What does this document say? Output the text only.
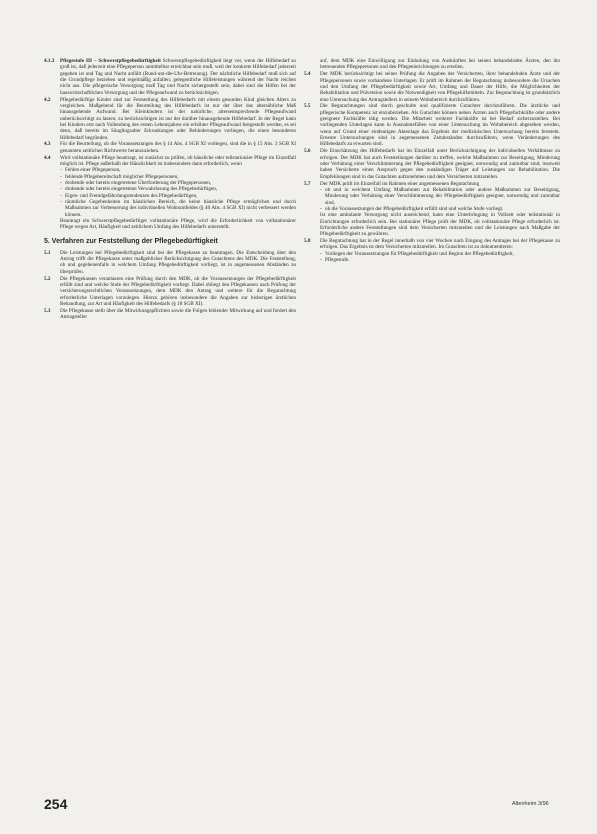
4.1.3 Pflegestufe III – Schwerstpflegebedürftigkeit Schwerstpflegebedürftigkeit liegt vor, wenn der Hilfebedarf so groß ist, daß jederzeit eine Pflegeperson unmittelbar erreichbar sein muß, weil der konkrete Hilfebedarf jederzeit gegeben ist und Tag und Nacht anfällt (Rund-um-die-Uhr-Betreuung). Der nächtliche Hilfebedarf muß sich auf die Grundpflege beziehen und regelmäßig anfallen; gelegentliche Hilfeleistungen während der Nacht reichen nicht aus. Die pflegerische Versorgung muß Tag und Nacht sichergestellt sein; dabei sind die Hilfen bei der hauswirtschaftlichen Versorgung und der Pflegeaufwand zu berücksichtigen.
4.2 Pflegebedürftige Kinder sind zur Feststellung des Hilfebedarfs mit einem gesunden Kind gleichen Alters zu vergleichen. Maßgebend für die Beurteilung des Hilfebedarfs ist nur der über das altersübliche Maß hinausgehende Aufwand. Bei Kleinkindern ist der natürliche, altersentsprechende Pflegeaufwand unberücksichtigt zu lassen; zu berücksichtigen ist nur der darüber hinausgehende Hilfebedarf. In der Regel kann bei Kindern erst nach Vollendung des ersten Lebensjahres ein erhöhter Pflegeaufwand festgestellt werden, es sei denn, daß bereits im Säuglingsalter Erkrankungen oder Behinderungen vorliegen, die einen besonderen Hilfebedarf begründen.
4.3 Für die Beurteilung, ob die Voraussetzungen des § 14 Abs. 4 SGB XI vorliegen, sind die in § 15 Abs. 3 SGB XI genannten zeitlichen Richtwerte heranzuziehen.
4.4 Wird vollstationäre Pflege beantragt, ist zunächst zu prüfen, ob häusliche oder teilstationäre Pflege im Einzelfall möglich ist. Pflege außerhalb der Häuslichkeit ist insbesondere dann erforderlich, wenn
- Fehlen einer Pflegeperson,
- fehlende Pflegebereitschaft möglicher Pflegepersonen,
- drohende oder bereits eingetretene Überforderung der Pflegepersonen,
- drohende oder bereits eingetretene Verwahrlosung des Pflegebedürftigen,
- Eigen- und Fremdgefährdungstendenzen des Pflegebedürftigen,
- räumliche Gegebenheiten im häuslichen Bereich, die keine häusliche Pflege ermöglichen und durch Maßnahmen zur Verbesserung des individuellen Wohnumfeldes (§ 40 Abs. 4 SGB XI) nicht verbessert werden können.
Beantragt ein Schwerstpflegebedürftiger vollstationäre Pflege, wird die Erforderlichkeit von vollstationärer Pflege wegen Art, Häufigkeit und zeitlichem Umfang des Hilfebedarfs unterstellt.
5. Verfahren zur Feststellung der Pflegebedürftigkeit
5.1 Die Leistungen bei Pflegebedürftigkeit sind bei der Pflegekasse zu beantragen. Die Entscheidung über den Antrag trifft die Pflegekasse unter maßgeblicher Berücksichtigung des Gutachtens des MDK. Die Feststellung, ob und gegebenenfalls in welchem Umfang Pflegebedürftigkeit vorliegt, ist in angemessenen Abständen zu überprüfen.
5.2 Die Pflegekassen veranlassen eine Prüfung durch den MDK, ob die Voraussetzungen der Pflegebedürftigkeit erfüllt sind und welche Stufe der Pflegebedürftigkeit vorliegt. Dabei obliegt den Pflegekassen nach Prüfung der versicherungsrechtlichen Voraussetzungen, dem MDK den Antrag und weitere für die Begutachtung erforderliche Unterlagen vorzulegen. Hierzu gehören insbesondere die Angaben zur bisherigen ärztlichen Behandlung, zur Art und Häufigkeit des Hilfebedarfs (§ 18 SGB XI).
5.3 Die Pflegekasse stellt über die Mitwirkungspflichten sowie die Folgen fehlender Mitwirkung auf und fordert den Antragsteller
auf, dem MDK eine Einwilligung zur Einholung von Auskünften bei seinen behandelnden Ärzten, den ihn betreuenden Pflegepersonen und den Pflegeeinrichtungen zu erteilen.
5.4 Der MDK berücksichtigt bei seiner Prüfung die Angaben der Versicherten, ihrer behandelnden Ärzte und der Pflegepersonen sowie vorhandene Unterlagen. Er prüft im Rahmen der Begutachtung insbesondere die Ursachen und den Umfang der Pflegebedürftigkeit sowie Art, Umfang und Dauer der Hilfe, die Möglichkeiten der Rehabilitation und Prävention sowie die Notwendigkeit von Pflegehilfsmitteln. Zur Begutachtung ist grundsätzlich eine Untersuchung des Antragstellers in seinem Wohnbereich durchzuführen.
5.5 Die Begutachtungen sind durch geschulte und qualifizierte Gutachter durchzuführen. Die ärztliche und pflegerische Kompetenz ist einzubeziehen. Als Gutachter können neben Ärzten auch Pflegefachkräfte oder andere geeignete Fachkräfte tätig werden. Die Mitarbeit weiterer Fachkräfte ist bei Bedarf sicherzustellen. Bei vorliegenden Unterlagen kann in Ausnahmefällen von einer Untersuchung im Wohnbereich abgesehen werden, wenn auf Grund einer eindeutigen Aktenlage das Ergebnis der medizinischen Untersuchung bereits feststeht. Erneute Untersuchungen sind in angemessenen Zeitabständen durchzuführen, wenn Veränderungen des Hilfebedarfs zu erwarten sind.
5.6 Die Einschätzung des Hilfebedarfs hat im Einzelfall unter Berücksichtigung der individuellen Verhältnisse zu erfolgen. Der MDK hat auch Feststellungen darüber zu treffen, welche Maßnahmen zur Beseitigung, Minderung oder Verhütung einer Verschlimmerung der Pflegebedürftigkeit geeignet, notwendig und zumutbar sind; insoweit haben Versicherte einen Anspruch gegen den zuständigen Träger auf Leistungen zur Rehabilitation. Die Empfehlungen sind in das Gutachten aufzunehmen und dem Versicherten mitzuteilen.
5.7 Der MDK prüft im Einzelfall im Rahmen einer angemessenen Begutachtung
- ob und in welchem Umfang Maßnahmen zur Rehabilitation oder andere Maßnahmen zur Beseitigung, Minderung oder Verhütung einer Verschlimmerung der Pflegebedürftigkeit geeignet, notwendig und zumutbar sind,
- ob die Voraussetzungen der Pflegebedürftigkeit erfüllt sind und welche Stufe vorliegt.
Ist eine ambulante Versorgung nicht ausreichend, kann eine Unterbringung in Vollzeit oder teilstationär in Einrichtungen erforderlich sein. Bei stationärer Pflege prüft der MDK, ob vollstationäre Pflege erforderlich ist. Erforderliche andere Feststellungen sind dem Versicherten mitzuteilen und die Leistungen nach Maßgabe der Pflegebedürftigkeit zu gewähren.
5.8 Die Begutachtung hat in der Regel innerhalb von vier Wochen nach Eingang des Antrages bei der Pflegekasse zu erfolgen. Das Ergebnis ist dem Versicherten mitzuteilen. Im Gutachten ist zu dokumentieren:
- Vorliegen der Voraussetzungen für Pflegebedürftigkeit und Beginn der Pflegebedürftigkeit,
- Pflegestufe.
254	Altenheim 3/96
